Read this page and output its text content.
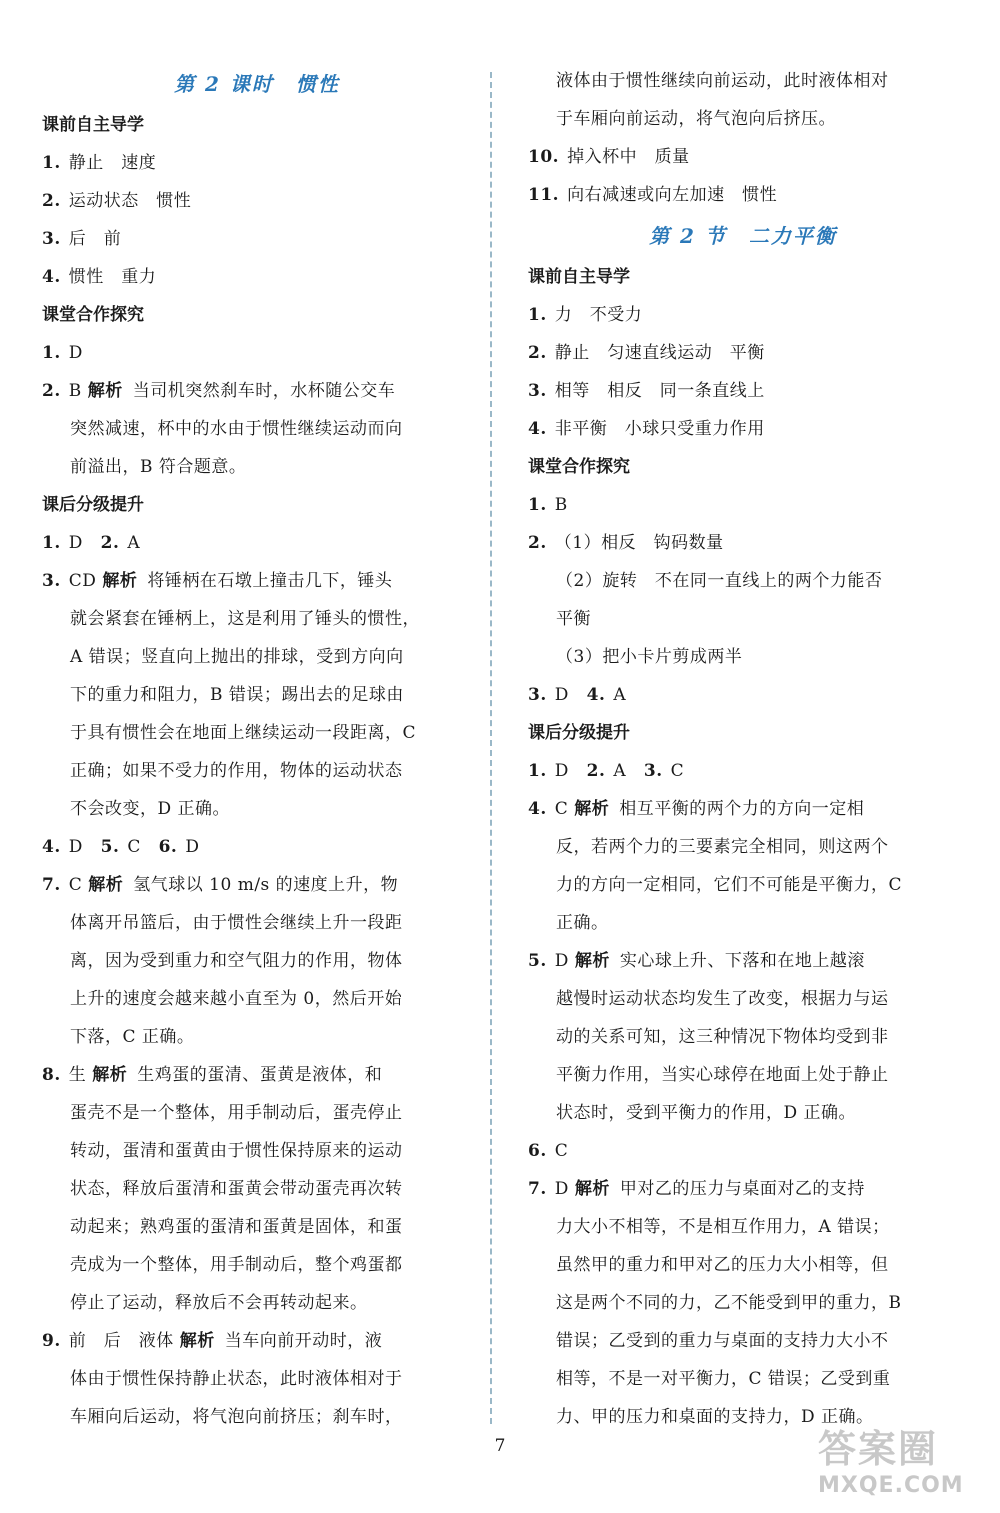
第 2 课时　惯性
课前自主导学
1. 静止　速度
2. 运动状态　惯性
3. 后　前
4. 惯性　重力
课堂合作探究
1. D
2. B 解析 当司机突然刹车时，水杯随公交车
突然减速，杯中的水由于惯性继续运动而向
前溢出，B 符合题意。
课后分级提升
1. D 2. A
3. CD 解析 将锤柄在石墩上撞击几下，锤头
就会紧套在锤柄上，这是利用了锤头的惯性，
A 错误；竖直向上抛出的排球，受到方向向
下的重力和阻力，B 错误；踢出去的足球由
于具有惯性会在地面上继续运动一段距离，C
正确；如果不受力的作用，物体的运动状态
不会改变，D 正确。
4. D 5. C 6. D
7. C 解析 氢气球以 10 m/s 的速度上升，物
体离开吊篮后，由于惯性会继续上升一段距
离，因为受到重力和空气阻力的作用，物体
上升的速度会越来越小直至为 0，然后开始
下落，C 正确。
8. 生 解析 生鸡蛋的蛋清、蛋黄是液体，和
蛋壳不是一个整体，用手制动后，蛋壳停止
转动，蛋清和蛋黄由于惯性保持原来的运动
状态，释放后蛋清和蛋黄会带动蛋壳再次转
动起来；熟鸡蛋的蛋清和蛋黄是固体，和蛋
壳成为一个整体，用手制动后，整个鸡蛋都
停止了运动，释放后不会再转动起来。
9. 前　后　液体 解析 当车向前开动时，液
体由于惯性保持静止状态，此时液体相对于
车厢向后运动，将气泡向前挤压；刹车时，
液体由于惯性继续向前运动，此时液体相对
于车厢向前运动，将气泡向后挤压。
10. 掉入杯中　质量
11. 向右减速或向左加速　惯性
第 2 节　二力平衡
课前自主导学
1. 力　不受力
2. 静止　匀速直线运动　平衡
3. 相等　相反　同一条直线上
4. 非平衡　小球只受重力作用
课堂合作探究
1. B
2. （1）相反　钩码数量
（2）旋转　不在同一直线上的两个力能否
平衡
（3）把小卡片剪成两半
3. D 4. A
课后分级提升
1. D 2. A 3. C
4. C 解析 相互平衡的两个力的方向一定相
反，若两个力的三要素完全相同，则这两个
力的方向一定相同，它们不可能是平衡力，C
正确。
5. D 解析 实心球上升、下落和在地上越滚
越慢时运动状态均发生了改变，根据力与运
动的关系可知，这三种情况下物体均受到非
平衡力作用，当实心球停在地面上处于静止
状态时，受到平衡力的作用，D 正确。
6. C
7. D 解析 甲对乙的压力与桌面对乙的支持
力大小不相等，不是相互作用力，A 错误；
虽然甲的重力和甲对乙的压力大小相等，但
这是两个不同的力，乙不能受到甲的重力，B
错误；乙受到的重力与桌面的支持力大小不
相等，不是一对平衡力，C 错误；乙受到重
力、甲的压力和桌面的支持力，D 正确。
7	答案圈
MXQE.COM
